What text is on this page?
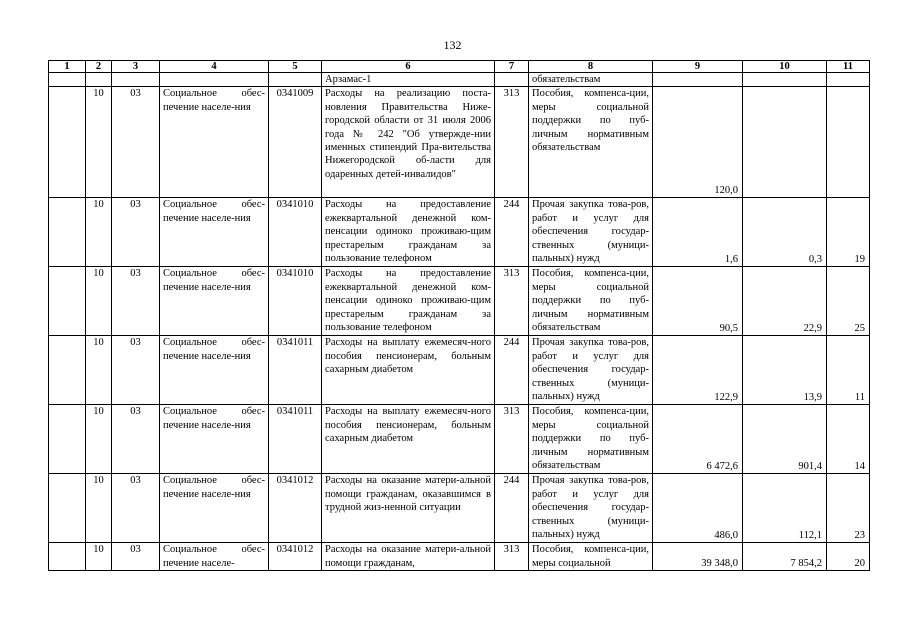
132
1	2	3	4	5	6	7	8	9	10	11
					Арзамас-1		обязательствам			
	10	03	Социальное обес-печение населе-ния	0341009	Расходы на реализацию поста-новления Правительства Ниже-городской области от 31 июля 2006 года № 242 "Об утвержде-нии именных стипендий Пра-вительства Нижегородской об-ласти для одаренных детей-инвалидов"	313	Пособия, компенса-ции, меры социальной поддержки по пуб-личным нормативным обязательствам	120,0		
	10	03	Социальное обес-печение населе-ния	0341010	Расходы на предоставление ежеквартальной денежной ком-пенсации одиноко проживаю-щим престарелым гражданам за пользование телефоном	244	Прочая закупка това-ров, работ и услуг для обеспечения государ-ственных (муници-пальных) нужд	1,6	0,3	19
	10	03	Социальное обес-печение населе-ния	0341010	Расходы на предоставление ежеквартальной денежной ком-пенсации одиноко проживаю-щим престарелым гражданам за пользование телефоном	313	Пособия, компенса-ции, меры социальной поддержки по пуб-личным нормативным обязательствам	90,5	22,9	25
	10	03	Социальное обес-печение населе-ния	0341011	Расходы на выплату ежемесяч-ного пособия пенсионерам, больным сахарным диабетом	244	Прочая закупка това-ров, работ и услуг для обеспечения государ-ственных (муници-пальных) нужд	122,9	13,9	11
	10	03	Социальное обес-печение населе-ния	0341011	Расходы на выплату ежемесяч-ного пособия пенсионерам, больным сахарным диабетом	313	Пособия, компенса-ции, меры социальной поддержки по пуб-личным нормативным обязательствам	6 472,6	901,4	14
	10	03	Социальное обес-печение населе-ния	0341012	Расходы на оказание матери-альной помощи гражданам, оказавшимся в трудной жиз-ненной ситуации	244	Прочая закупка това-ров, работ и услуг для обеспечения государ-ственных (муници-пальных) нужд	486,0	112,1	23
	10	03	Социальное обес-печение населе-	0341012	Расходы на оказание матери-альной помощи гражданам,	313	Пособия, компенса-ции, меры социальной	39 348,0	7 854,2	20
